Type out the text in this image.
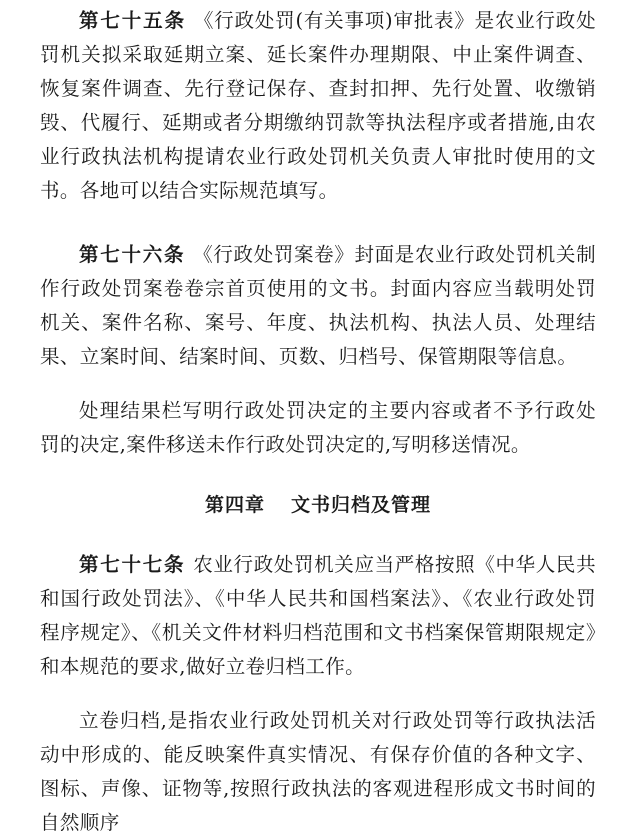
第七十五条 《行政处罚(有关事项)审批表》是农业行政处罚机关拟采取延期立案、延长案件办理期限、中止案件调查、恢复案件调查、先行登记保存、查封扣押、先行处置、收缴销毁、代履行、延期或者分期缴纳罚款等执法程序或者措施,由农业行政执法机构提请农业行政处罚机关负责人审批时使用的文书。各地可以结合实际规范填写。

第七十六条 《行政处罚案卷》封面是农业行政处罚机关制作行政处罚案卷卷宗首页使用的文书。封面内容应当载明处罚机关、案件名称、案号、年度、执法机构、执法人员、处理结果、立案时间、结案时间、页数、归档号、保管期限等信息。

处理结果栏写明行政处罚决定的主要内容或者不予行政处罚的决定,案件移送未作行政处罚决定的,写明移送情况。

第四章 文书归档及管理

第七十七条 农业行政处罚机关应当严格按照《中华人民共和国行政处罚法》、《中华人民共和国档案法》、《农业行政处罚程序规定》、《机关文件材料归档范围和文书档案保管期限规定》和本规范的要求,做好立卷归档工作。

立卷归档,是指农业行政处罚机关对行政处罚等行政执法活动中形成的、能反映案件真实情况、有保存价值的各种文字、图标、声像、证物等,按照行政执法的客观进程形成文书时间的自然顺序
